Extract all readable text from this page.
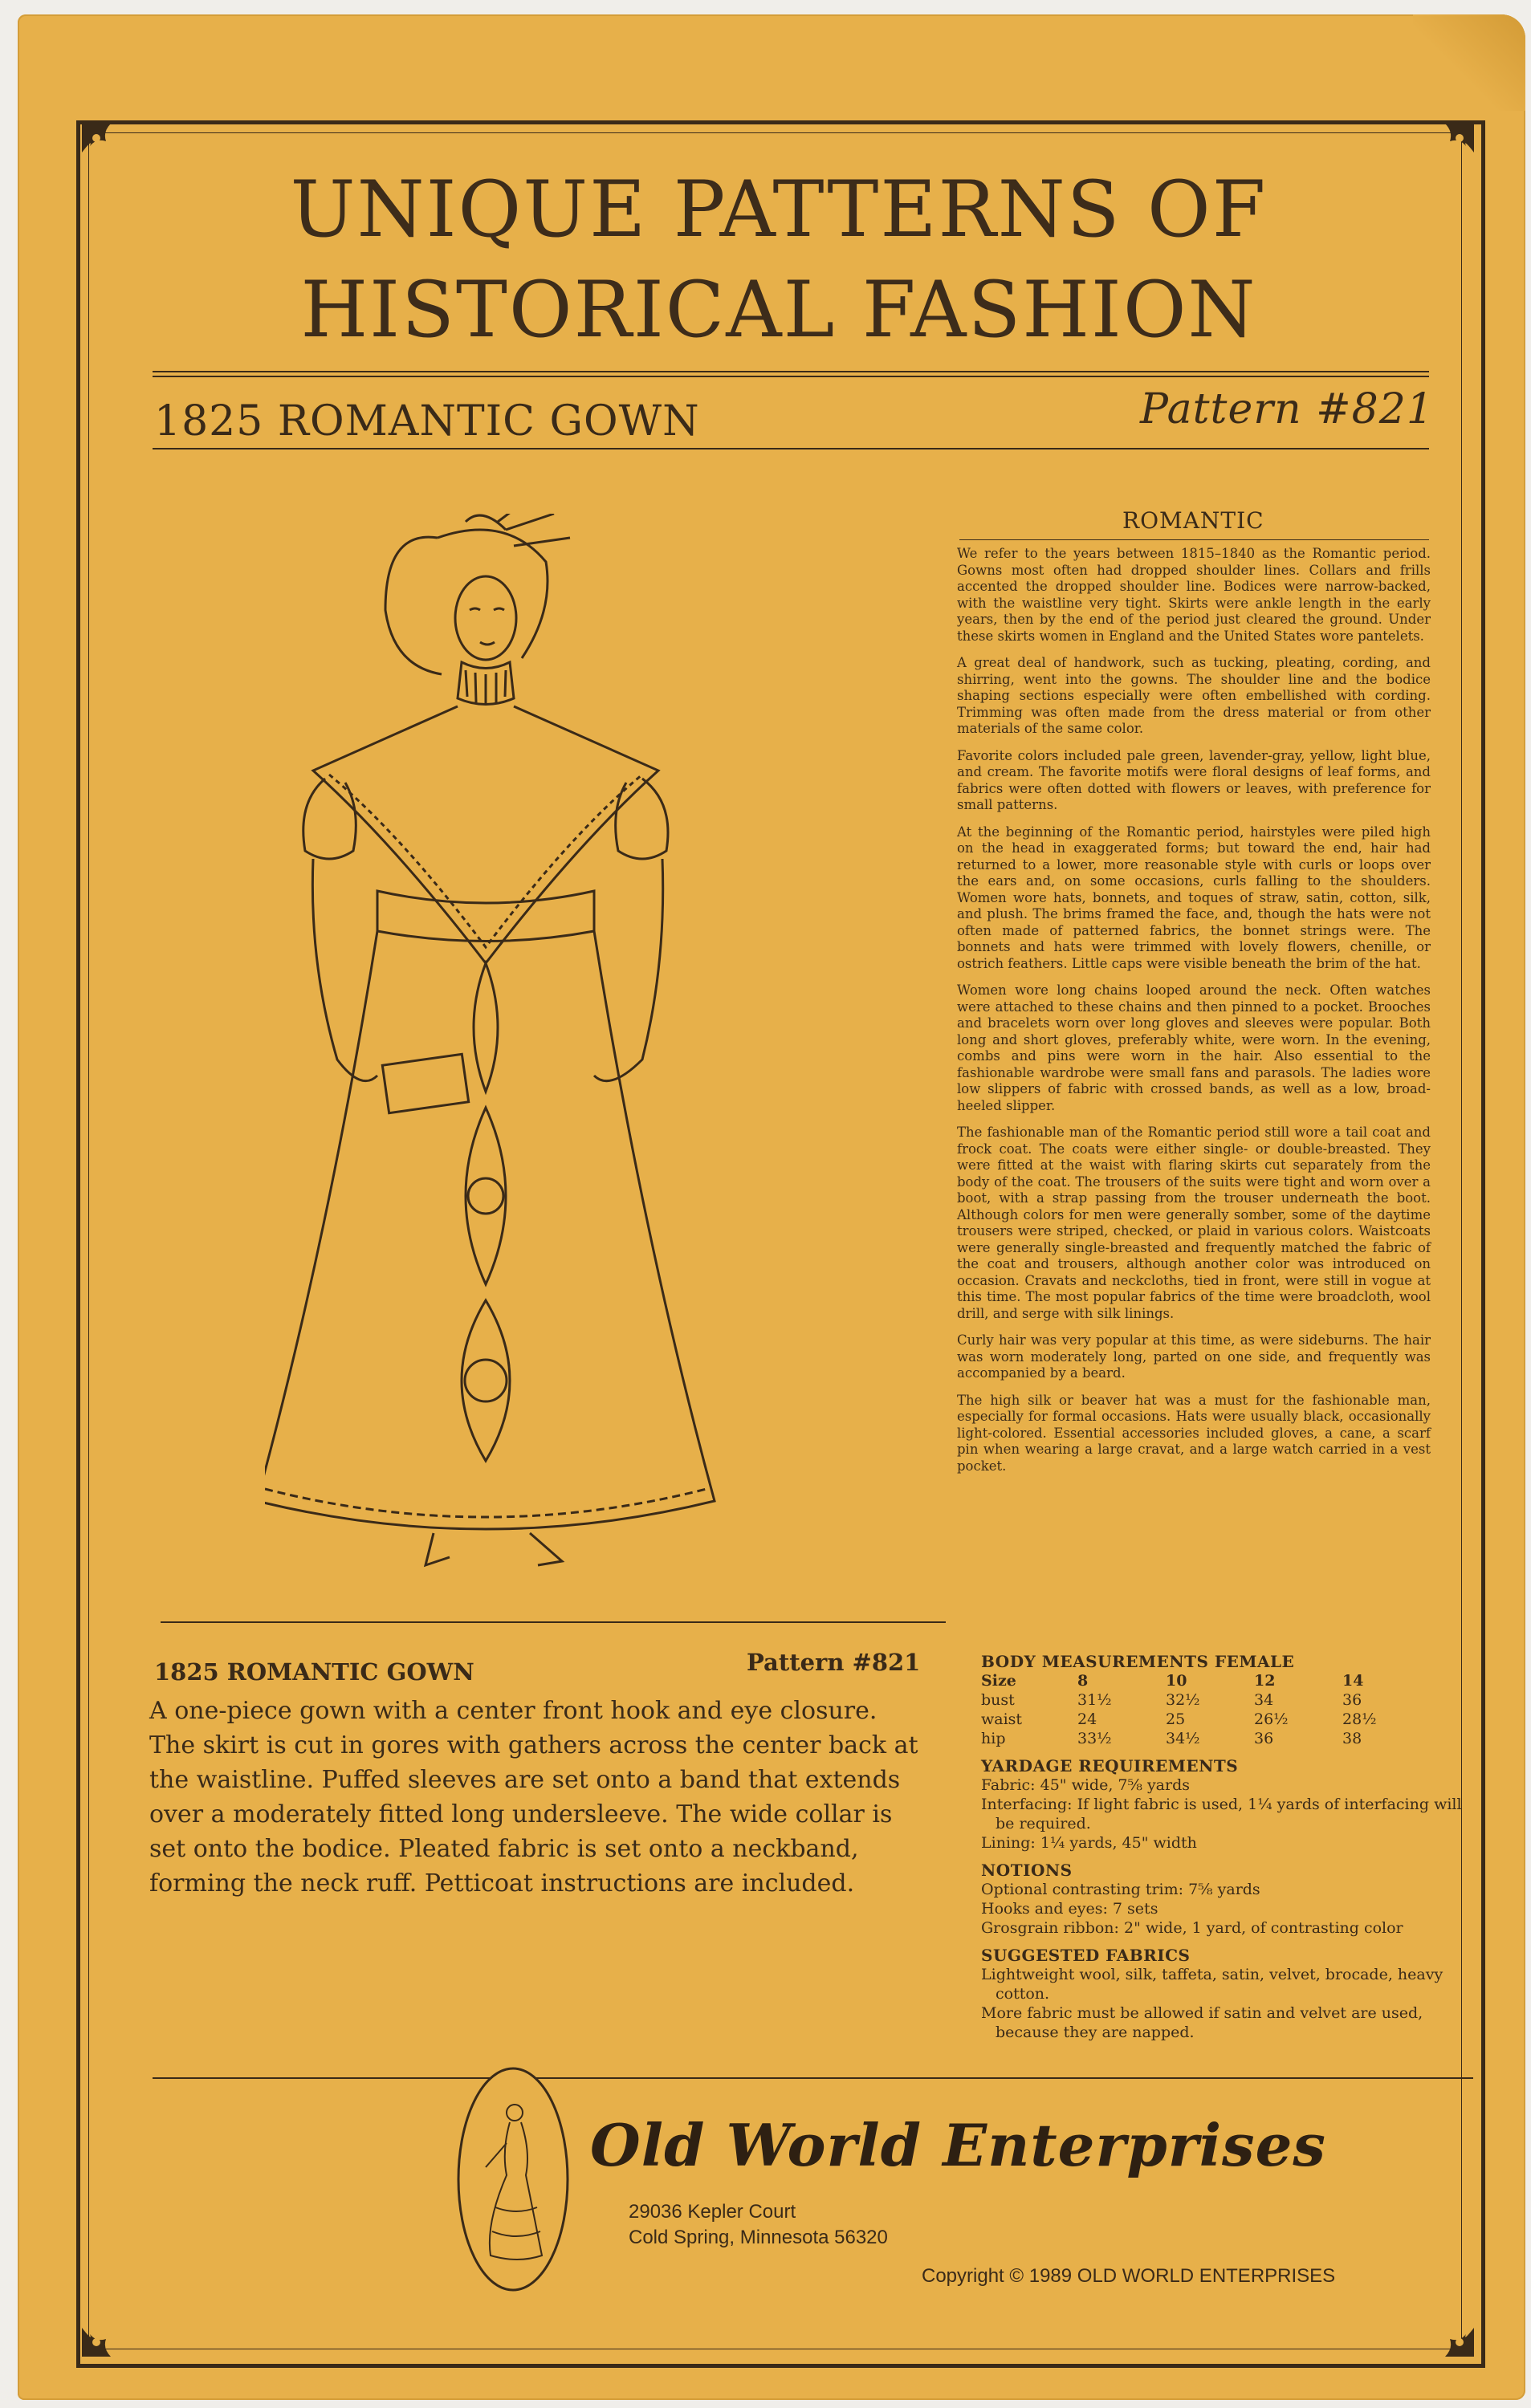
UNIQUE PATTERNS OF
HISTORICAL FASHION
1825 ROMANTIC GOWN	Pattern #821
ROMANTIC

We refer to the years between 1815–1840 as the Romantic period. Gowns most often had dropped shoulder lines. Collars and frills accented the dropped shoulder line. Bodices were narrow-backed, with the waistline very tight. Skirts were ankle length in the early years, then by the end of the period just cleared the ground. Under these skirts women in England and the United States wore pantelets.

A great deal of handwork, such as tucking, pleating, cording, and shirring, went into the gowns. The shoulder line and the bodice shaping sections especially were often embellished with cording. Trimming was often made from the dress material or from other materials of the same color.

Favorite colors included pale green, lavender-gray, yellow, light blue, and cream. The favorite motifs were floral designs of leaf forms, and fabrics were often dotted with flowers or leaves, with preference for small patterns.

At the beginning of the Romantic period, hairstyles were piled high on the head in exaggerated forms; but toward the end, hair had returned to a lower, more reasonable style with curls or loops over the ears and, on some occasions, curls falling to the shoulders. Women wore hats, bonnets, and toques of straw, satin, cotton, silk, and plush. The brims framed the face, and, though the hats were not often made of patterned fabrics, the bonnet strings were. The bonnets and hats were trimmed with lovely flowers, chenille, or ostrich feathers. Little caps were visible beneath the brim of the hat.

Women wore long chains looped around the neck. Often watches were attached to these chains and then pinned to a pocket. Brooches and bracelets worn over long gloves and sleeves were popular. Both long and short gloves, preferably white, were worn. In the evening, combs and pins were worn in the hair. Also essential to the fashionable wardrobe were small fans and parasols. The ladies wore low slippers of fabric with crossed bands, as well as a low, broad-heeled slipper.

The fashionable man of the Romantic period still wore a tail coat and frock coat. The coats were either single- or double-breasted. They were fitted at the waist with flaring skirts cut separately from the body of the coat. The trousers of the suits were tight and worn over a boot, with a strap passing from the trouser underneath the boot. Although colors for men were generally somber, some of the daytime trousers were striped, checked, or plaid in various colors. Waistcoats were generally single-breasted and frequently matched the fabric of the coat and trousers, although another color was introduced on occasion. Cravats and neckcloths, tied in front, were still in vogue at this time. The most popular fabrics of the time were broadcloth, wool drill, and serge with silk linings.

Curly hair was very popular at this time, as were sideburns. The hair was worn moderately long, parted on one side, and frequently was accompanied by a beard.

The high silk or beaver hat was a must for the fashionable man, especially for formal occasions. Hats were usually black, occasionally light-colored. Essential accessories included gloves, a cane, a scarf pin when wearing a large cravat, and a large watch carried in a vest pocket.

1825 ROMANTIC GOWN	Pattern #821

A one-piece gown with a center front hook and eye closure. The skirt is cut in gores with gathers across the center back at the waistline. Puffed sleeves are set onto a band that extends over a moderately fitted long undersleeve. The wide collar is set onto the bodice. Pleated fabric is set onto a neckband, forming the neck ruff. Petticoat instructions are included.

BODY MEASUREMENTS FEMALE
Size	8	10	12	14
bust	31½	32½	34	36
waist	24	25	26½	28½
hip	33½	34½	36	38
YARDAGE REQUIREMENTS
Fabric: 45" wide, 7⅝ yards
Interfacing: If light fabric is used, 1¼ yards of interfacing will be required.
Lining: 1¼ yards, 45" width
NOTIONS
Optional contrasting trim: 7⅝ yards
Hooks and eyes: 7 sets
Grosgrain ribbon: 2" wide, 1 yard, of contrasting color
SUGGESTED FABRICS
Lightweight wool, silk, taffeta, satin, velvet, brocade, heavy cotton.
More fabric must be allowed if satin and velvet are used, because they are napped.
Old World Enterprises
29036 Kepler Court
Cold Spring, Minnesota 56320
Copyright © 1989 OLD WORLD ENTERPRISES
